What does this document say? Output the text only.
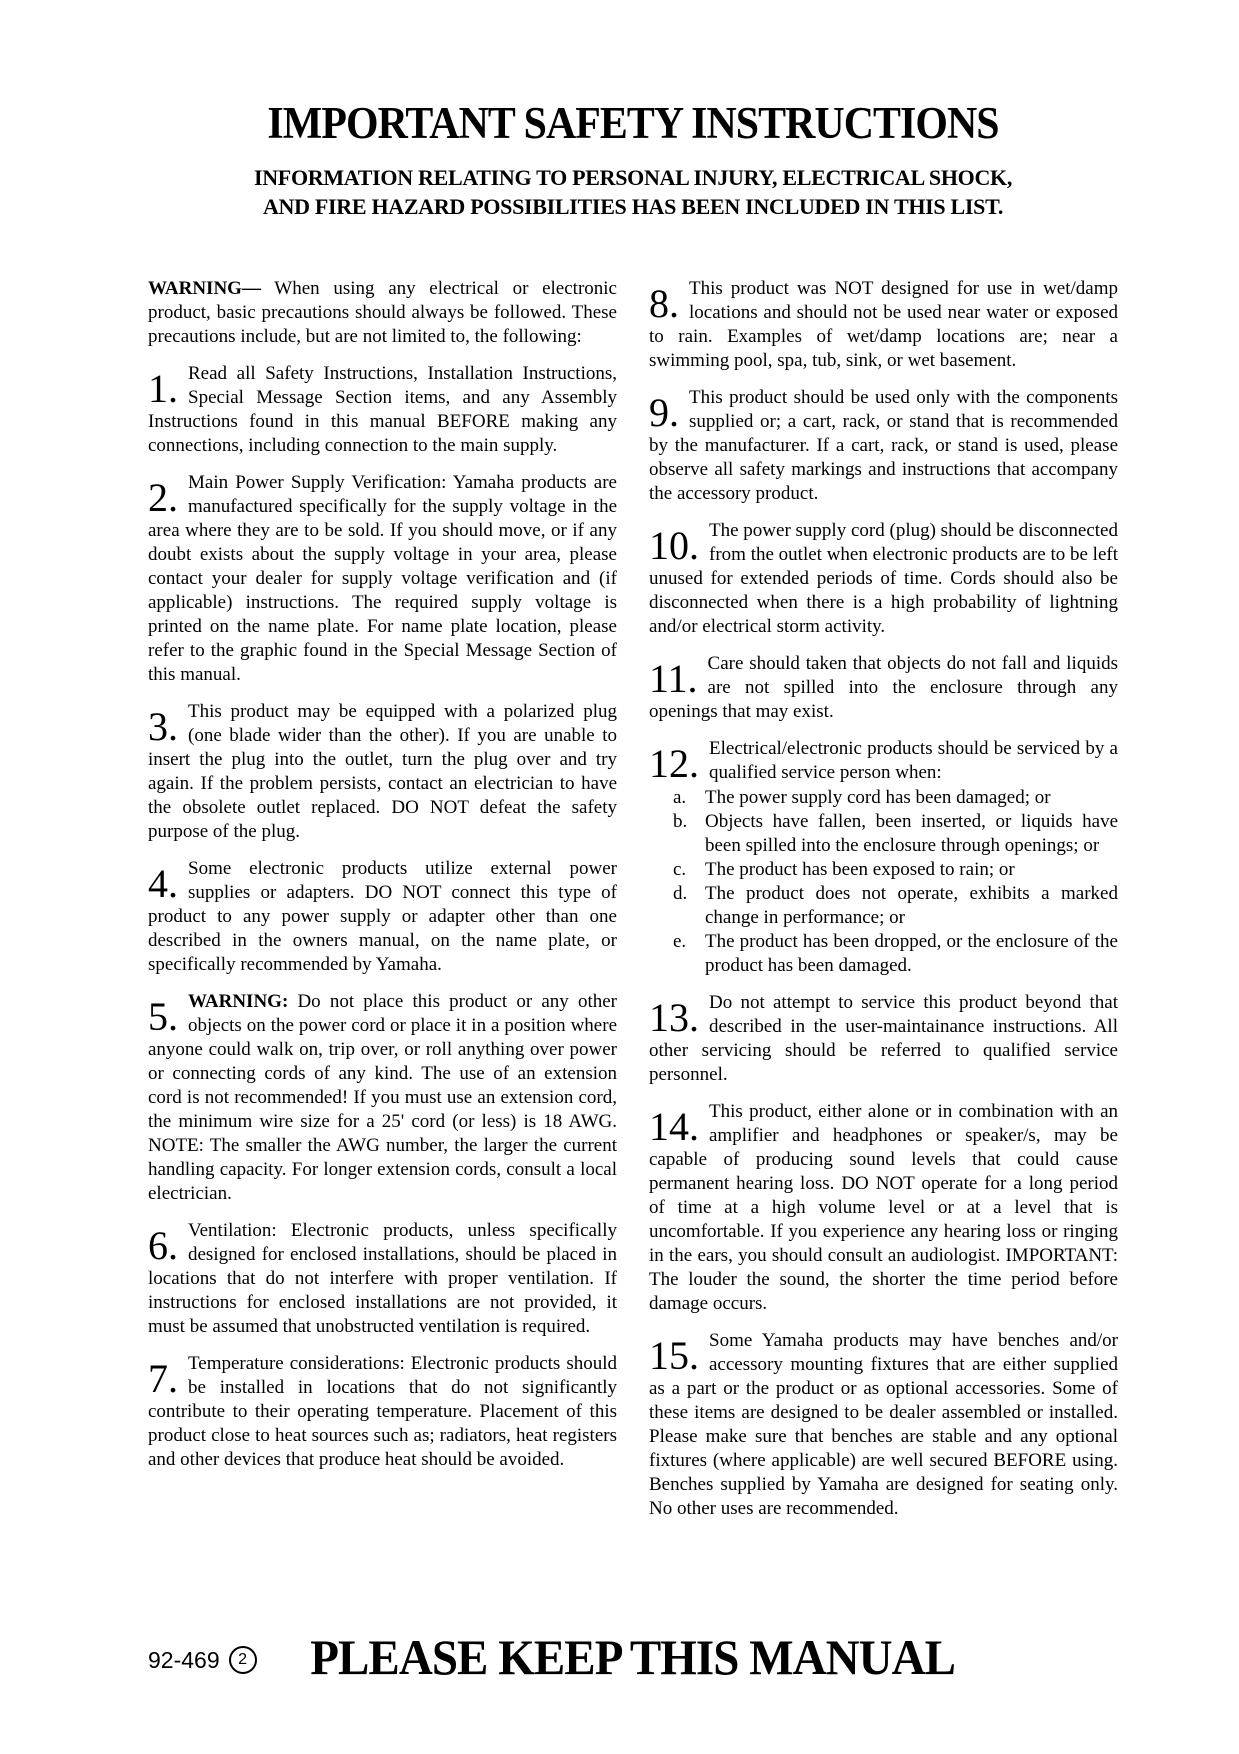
IMPORTANT SAFETY INSTRUCTIONS
INFORMATION RELATING TO PERSONAL INJURY, ELECTRICAL SHOCK,
AND FIRE HAZARD POSSIBILITIES HAS BEEN INCLUDED IN THIS LIST.

WARNING— When using any electrical or electronic product, basic precautions should always be followed. These precautions include, but are not limited to, the following:

1. Read all Safety Instructions, Installation Instructions, Special Message Section items, and any Assembly Instructions found in this manual BEFORE making any connections, including connection to the main supply.
2. Main Power Supply Verification: Yamaha products are manufactured specifically for the supply voltage in the area where they are to be sold. If you should move, or if any doubt exists about the supply voltage in your area, please contact your dealer for supply voltage verification and (if applicable) instructions. The required supply voltage is printed on the name plate. For name plate location, please refer to the graphic found in the Special Message Section of this manual.
3. This product may be equipped with a polarized plug (one blade wider than the other). If you are unable to insert the plug into the outlet, turn the plug over and try again. If the problem persists, contact an electrician to have the obsolete outlet replaced. DO NOT defeat the safety purpose of the plug.
4. Some electronic products utilize external power supplies or adapters. DO NOT connect this type of product to any power supply or adapter other than one described in the owners manual, on the name plate, or specifically recommended by Yamaha.
5. WARNING: Do not place this product or any other objects on the power cord or place it in a position where anyone could walk on, trip over, or roll anything over power or connecting cords of any kind. The use of an extension cord is not recommended! If you must use an extension cord, the minimum wire size for a 25' cord (or less) is 18 AWG. NOTE: The smaller the AWG number, the larger the current handling capacity. For longer extension cords, consult a local electrician.
6. Ventilation: Electronic products, unless specifically designed for enclosed installations, should be placed in locations that do not interfere with proper ventilation. If instructions for enclosed installations are not provided, it must be assumed that unobstructed ventilation is required.
7. Temperature considerations: Electronic products should be installed in locations that do not significantly contribute to their operating temperature. Placement of this product close to heat sources such as; radiators, heat registers and other devices that produce heat should be avoided.
8. This product was NOT designed for use in wet/damp locations and should not be used near water or exposed to rain. Examples of wet/damp locations are; near a swimming pool, spa, tub, sink, or wet basement.
9. This product should be used only with the components supplied or; a cart, rack, or stand that is recommended by the manufacturer. If a cart, rack, or stand is used, please observe all safety markings and instructions that accompany the accessory product.
10. The power supply cord (plug) should be disconnected from the outlet when electronic products are to be left unused for extended periods of time. Cords should also be disconnected when there is a high probability of lightning and/or electrical storm activity.
11. Care should taken that objects do not fall and liquids are not spilled into the enclosure through any openings that may exist.
12. Electrical/electronic products should be serviced by a qualified service person when:
a. The power supply cord has been damaged; or
b. Objects have fallen, been inserted, or liquids have been spilled into the enclosure through openings; or
c. The product has been exposed to rain; or
d. The product does not operate, exhibits a marked change in performance; or
e. The product has been dropped, or the enclosure of the product has been damaged.
13. Do not attempt to service this product beyond that described in the user-maintainance instructions. All other servicing should be referred to qualified service personnel.
14. This product, either alone or in combination with an amplifier and headphones or speaker/s, may be capable of producing sound levels that could cause permanent hearing loss. DO NOT operate for a long period of time at a high volume level or at a level that is uncomfortable. If you experience any hearing loss or ringing in the ears, you should consult an audiologist. IMPORTANT: The louder the sound, the shorter the time period before damage occurs.
15. Some Yamaha products may have benches and/or accessory mounting fixtures that are either supplied as a part or the product or as optional accessories. Some of these items are designed to be dealer assembled or installed. Please make sure that benches are stable and any optional fixtures (where applicable) are well secured BEFORE using. Benches supplied by Yamaha are designed for seating only. No other uses are recommended.
92-469	2	PLEASE KEEP THIS MANUAL
